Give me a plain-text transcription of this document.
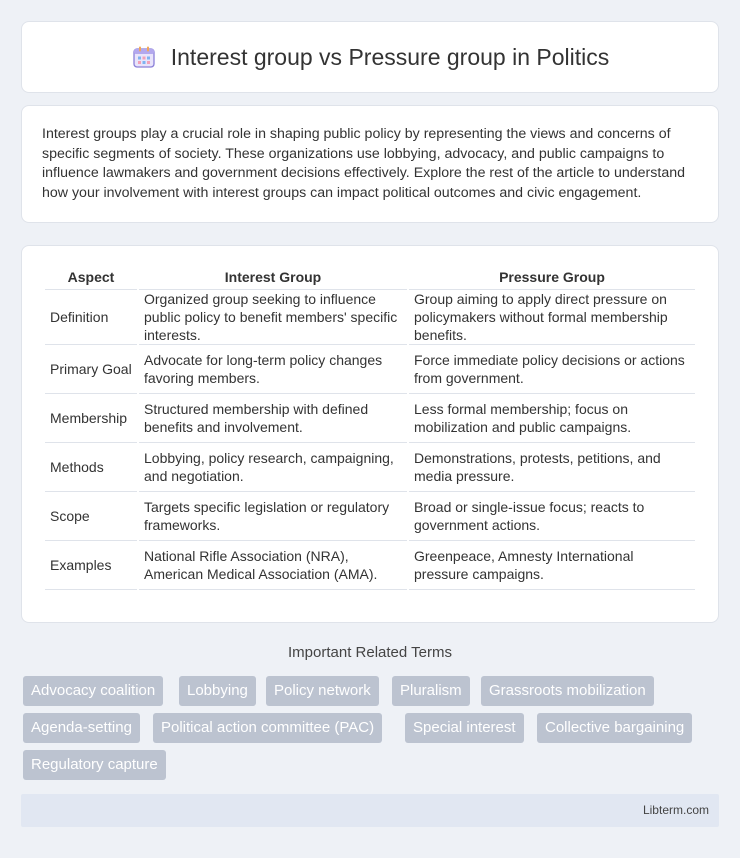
Interest group vs Pressure group in Politics

Interest groups play a crucial role in shaping public policy by representing the views and concerns of specific segments of society. These organizations use lobbying, advocacy, and public campaigns to influence lawmakers and government decisions effectively. Explore the rest of the article to understand how your involvement with interest groups can impact political outcomes and civic engagement.

Aspect	Interest Group	Pressure Group
Definition	Organized group seeking to influence public policy to benefit members' specific interests.	Group aiming to apply direct pressure on policymakers without formal membership benefits.
Primary Goal	Advocate for long-term policy changes favoring members.	Force immediate policy decisions or actions from government.
Membership	Structured membership with defined benefits and involvement.	Less formal membership; focus on mobilization and public campaigns.
Methods	Lobbying, policy research, campaigning, and negotiation.	Demonstrations, protests, petitions, and media pressure.
Scope	Targets specific legislation or regulatory frameworks.	Broad or single-issue focus; reacts to government actions.
Examples	National Rifle Association (NRA), American Medical Association (AMA).	Greenpeace, Amnesty International pressure campaigns.
Important Related Terms
Advocacy coalition	Lobbying	Policy network	Pluralism	Grassroots mobilization
Agenda-setting	Political action committee (PAC)	Special interest	Collective bargaining
Regulatory capture
Libterm.com
